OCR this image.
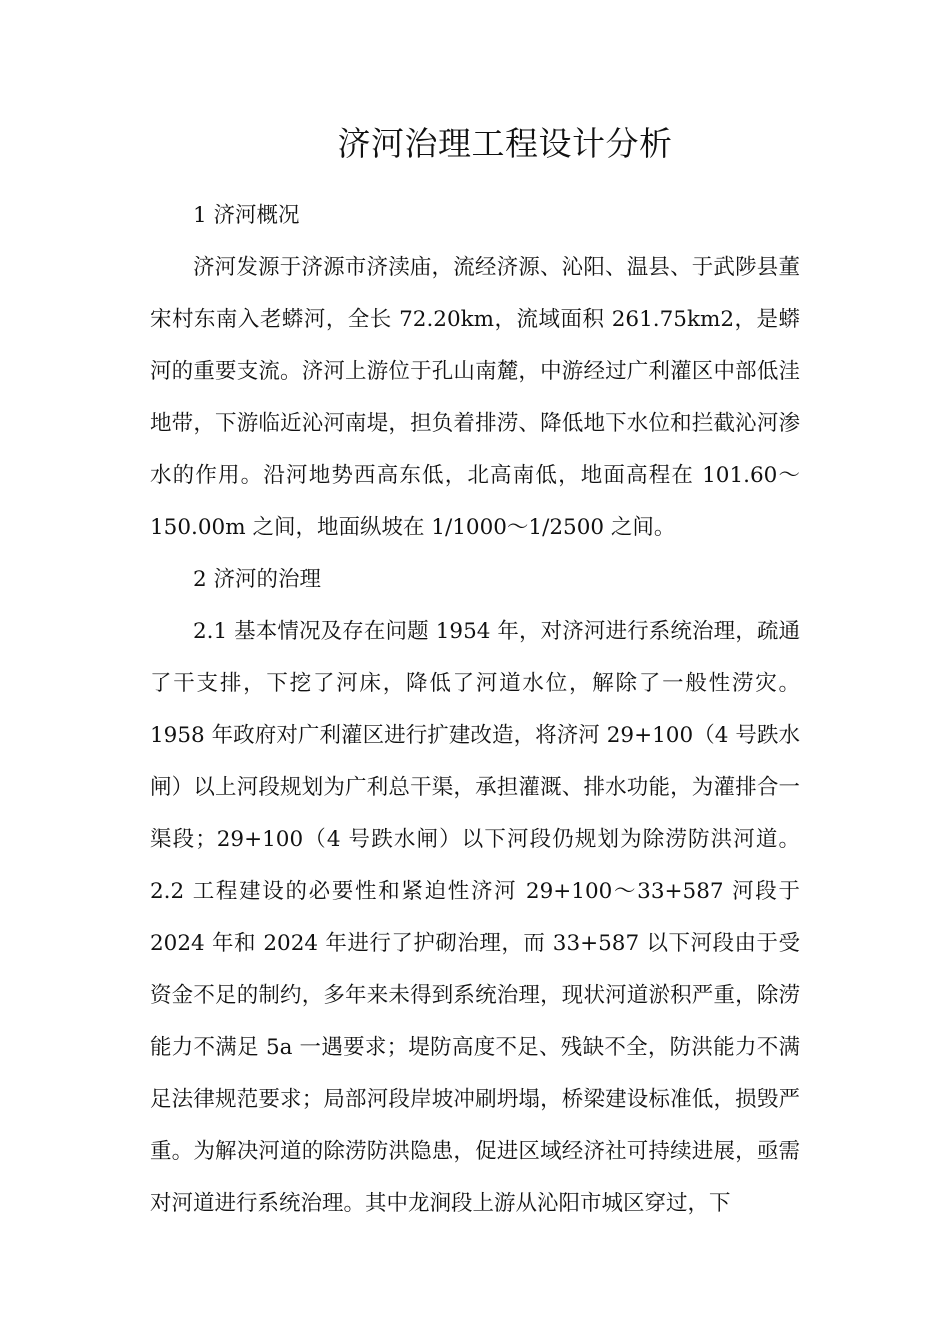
济河治理工程设计分析

1 济河概况

济河发源于济源市济渎庙，流经济源、沁阳、温县、于武陟县董宋村东南入老蟒河，全长 72.20km，流域面积 261.75km2，是蟒河的重要支流。济河上游位于孔山南麓，中游经过广利灌区中部低洼地带，下游临近沁河南堤，担负着排涝、降低地下水位和拦截沁河渗水的作用。沿河地势西高东低，北高南低，地面高程在 101.60～150.00m 之间，地面纵坡在 1/1000～1/2500 之间。

2 济河的治理

2.1 基本情况及存在问题 1954 年，对济河进行系统治理，疏通了干支排，下挖了河床，降低了河道水位，解除了一般性涝灾。1958 年政府对广利灌区进行扩建改造，将济河 29+100（4 号跌水闸）以上河段规划为广利总干渠，承担灌溉、排水功能，为灌排合一渠段；29+100（4 号跌水闸）以下河段仍规划为除涝防洪河道。2.2 工程建设的必要性和紧迫性济河 29+100～33+587 河段于 2024 年和 2024 年进行了护砌治理，而 33+587 以下河段由于受资金不足的制约，多年来未得到系统治理，现状河道淤积严重，除涝能力不满足 5a 一遇要求；堤防高度不足、残缺不全，防洪能力不满足法律规范要求；局部河段岸坡冲刷坍塌，桥梁建设标准低，损毁严重。为解决河道的除涝防洪隐患，促进区域经济社可持续进展，亟需对河道进行系统治理。其中龙涧段上游从沁阳市城区穿过，下
